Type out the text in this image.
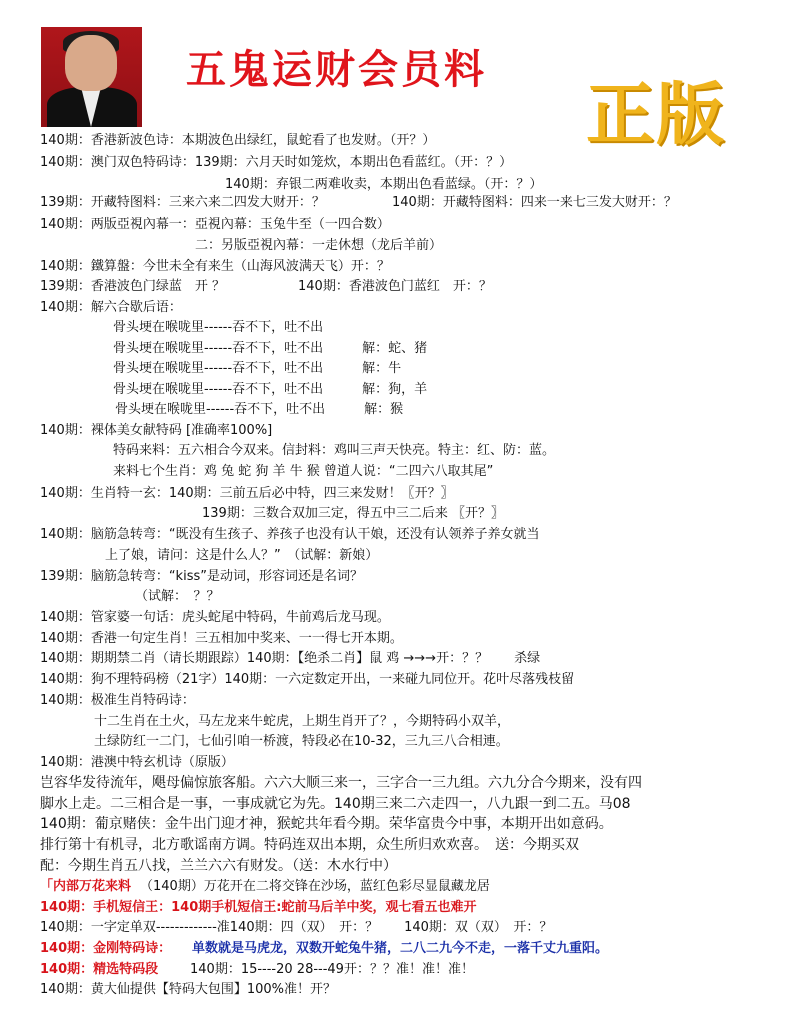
五鬼运财会员料
正版
140期：香港新波色诗：本期波色出绿红，鼠蛇看了也发财。（开？）
140期：澳门双色特码诗：139期：六月天时如笼炊，本期出色看蓝红。（开：？）
140期：弃银二两难收卖，本期出色看蓝绿。（开：？）
139期：开藏特图料：三来六来二四发大财开：？	140期：开藏特图料：四来一来七三发大财开：？
140期：两版亞視內幕一：亞視內幕：玉兔牛至（一四合数）
二：另版亞視內幕：一走休想（龙后羊前）
140期：鐵算盤：今世未全有来生（山海风波满天飞）开：？
139期：香港波色门绿蓝　开 ？	140期：香港波色门蓝红　开：？
140期：解六合歇后语：
骨头埂在喉咙里------吞不下，吐不出
骨头埂在喉咙里------吞不下，吐不出　　　解：蛇、猪
骨头埂在喉咙里------吞不下，吐不出　　　解：牛
骨头埂在喉咙里------吞不下，吐不出　　　解：狗，羊
骨头埂在喉咙里------吞不下，吐不出　　　解：猴
140期：裸体美女献特码 [准确率100%]
特码来料：五六相合今双来。信封料：鸡叫三声天快亮。特主：红、防：蓝。
来料七个生肖：鸡 兔 蛇 狗 羊 牛 猴 曾道人说：“二四六八取其尾”
140期：生肖特一玄：140期：三前五后必中特，四三来发财！〖开？〗
139期：三数合双加三定，得五中三二后来 〖开？〗
140期：脑筋急转弯：“既没有生孩子、养孩子也没有认干娘，还没有认领养子养女就当
上了娘，请问：这是什么人？”　（试解：新娘）
139期：脑筋急转弯：“kiss”是动词，形容词还是名词？
（试解：　？？
140期：管家婆一句话：虎头蛇尾中特码，牛前鸡后龙马现。
140期：香港一句定生肖！三五相加中奖来、一一得七开本期。
140期：期期禁二肖（请长期跟踪）140期：【绝杀二肖】鼠 鸡 →→→开：？？　　杀绿
140期：狗不理特码榜（21字）140期：一六定数定开出，一来碰九同位开。花叶尽落残枝留
140期：极准生肖特码诗：
十二生肖在土火，马左龙来牛蛇虎，上期生肖开了？，今期特码小双羊，
土绿防红一二门，七仙引咱一桥渡，特段必在10-32，三九三八合相連。
140期：港澳中特玄机诗（原版）
岂容华发待流年，飓母偏惊旅客船。六六大顺三来一，三字合一三九组。六九分合今期来，没有四
脚水上走。二三相合是一事，一事成就它为先。140期三来二六走四一，八九跟一到二五。马08
140期：葡京赌侠：金牛出门迎才神，猴蛇共年看今期。荣华富贵今中事，本期开出如意码。
排行第十有机寻，北方歌谣南方调。特码连双出本期，众生所归欢欢喜。　送：今期买双
配：今期生肖五八找，兰兰六六有财发。（送：木水行中）
「内部万花来料 （140期）万花开在二将交锋在沙场，蓝红色彩尽显鼠藏龙居
140期：手机短信王：140期手机短信王:蛇前马后羊中奖，观七看五也难开
140期：一字定单双-------------准140期：四（双）　开：？　　140期：双（双）　开：？
140期：金刚特码诗： 单数就是马虎龙，双数开蛇兔牛猪，二八二九今不走，一落千丈九重阳。
140期：精选特码段 140期：15----20 28---49开：？？准！准！准！
140期：黄大仙提供【特码大包围】100%准！开？
